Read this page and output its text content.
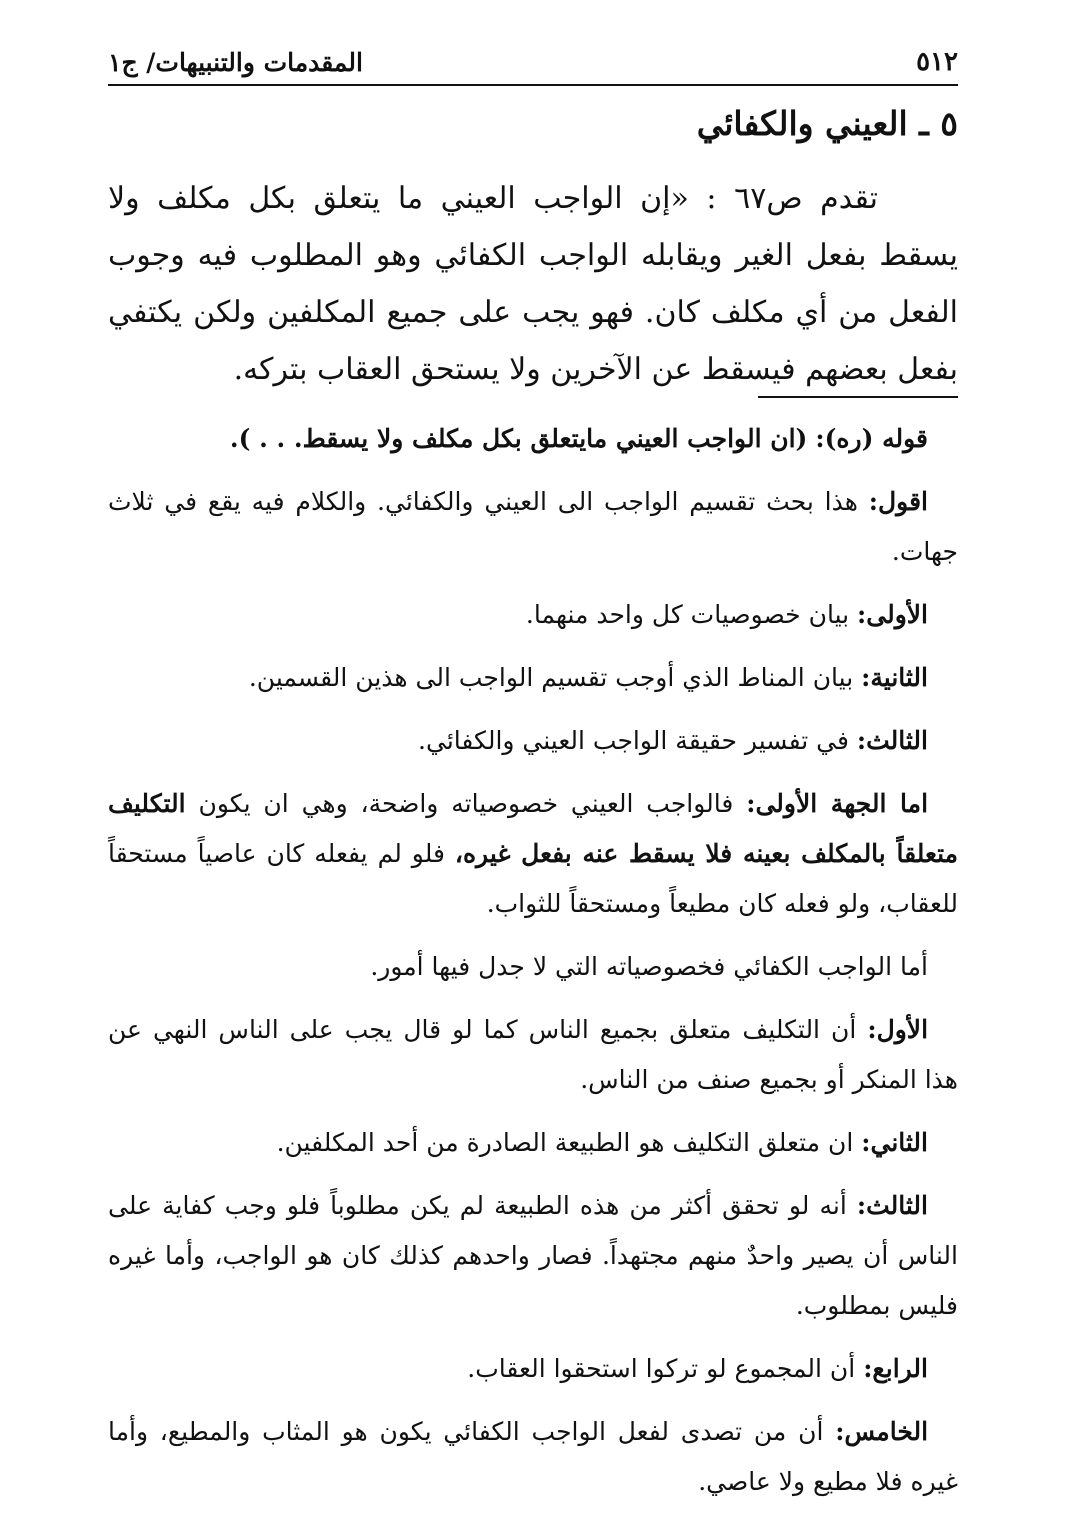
٥١٢
المقدمات والتنبيهات/ ج١
٥ ـ العيني والكفائي

تقدم ص٦٧ : «إن الواجب العيني ما يتعلق بكل مكلف ولا يسقط بفعل الغير ويقابله الواجب الكفائي وهو المطلوب فيه وجوب الفعل من أي مكلف كان. فهو يجب على جميع المكلفين ولكن يكتفي بفعل بعضهم فيسقط عن الآخرين ولا يستحق العقاب بتركه.

قوله (ره): (ان الواجب العيني مايتعلق بكل مكلف ولا يسقط. . . ).

اقول: هذا بحث تقسيم الواجب الى العيني والكفائي. والكلام فيه يقع في ثلاث جهات.

الأولى: بيان خصوصيات كل واحد منهما.

الثانية: بيان المناط الذي أوجب تقسيم الواجب الى هذين القسمين.

الثالث: في تفسير حقيقة الواجب العيني والكفائي.

اما الجهة الأولى: فالواجب العيني خصوصياته واضحة، وهي ان يكون التكليف متعلقاً بالمكلف بعينه فلا يسقط عنه بفعل غيره، فلو لم يفعله كان عاصياً مستحقاً للعقاب، ولو فعله كان مطيعاً ومستحقاً للثواب.

أما الواجب الكفائي فخصوصياته التي لا جدل فيها أمور.

الأول: أن التكليف متعلق بجميع الناس كما لو قال يجب على الناس النهي عن هذا المنكر أو بجميع صنف من الناس.

الثاني: ان متعلق التكليف هو الطبيعة الصادرة من أحد المكلفين.

الثالث: أنه لو تحقق أكثر من هذه الطبيعة لم يكن مطلوباً فلو وجب كفاية على الناس أن يصير واحدٌ منهم مجتهداً. فصار واحدهم كذلك كان هو الواجب، وأما غيره فليس بمطلوب.

الرابع: أن المجموع لو تركوا استحقوا العقاب.

الخامس: أن من تصدى لفعل الواجب الكفائي يكون هو المثاب والمطيع، وأما غيره فلا مطيع ولا عاصي.
